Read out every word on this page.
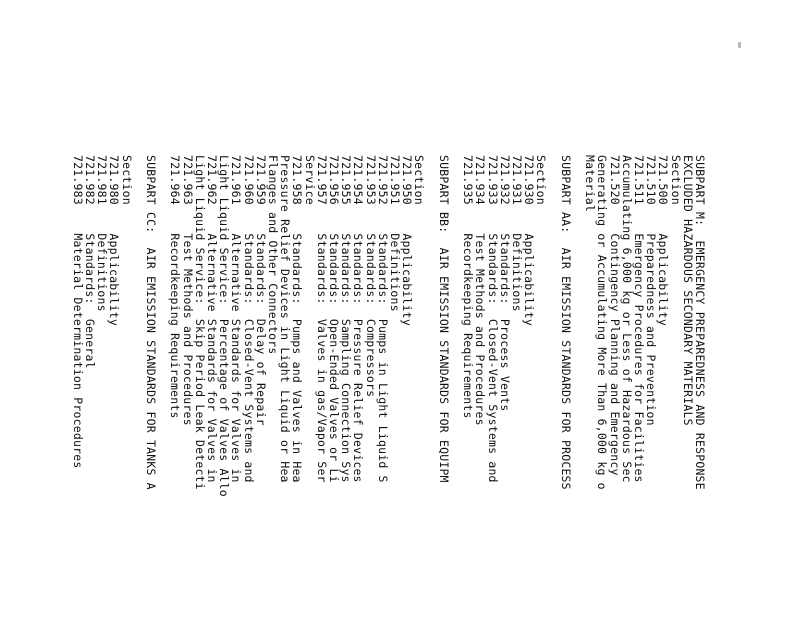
SUBPART M:  EMERGENCY PREPAREDNESS AND RESPONSE
EXCLUDED HAZARDOUS SECONDARY MATERIALS
Section
721.500    Applicability
721.510    Preparedness and Prevention
721.511    Emergency Procedures for Facilities
Accumulating 6,000 kg or Less of Hazardous Sec
721.520    Contingency Planning and Emergency
Generating or Accumulating More Than 6,000 kg o
Material
SUBPART AA:  AIR EMISSION STANDARDS FOR PROCESS
Section
721.930    Applicability
721.931    Definitions
721.932    Standards:  Process Vents
721.933    Standards:  Closed-Vent Systems and
721.934    Test Methods and Procedures
721.935    Recordkeeping Requirements
SUBPART BB:  AIR EMISSION STANDARDS FOR EQUIPM
Section
721.950    Applicability
721.951    Definitions
721.952    Standards:  Pumps in Light Liquid S
721.953    Standards:  Compressors
721.954    Standards:  Pressure Relief Devices
721.955    Standards:  Sampling Connection Sys
721.956    Standards:  Open-Ended Valves or Li
721.957    Standards:  Valves in gas/Vapor Ser
Service
721.958    Standards:  Pumps and Valves in Hea
Pressure Relief Devices in Light Liquid or Hea
Flanges and Other Connectors
721.959    Standards:  Delay of Repair
721.960    Standards:  Closed-Vent Systems and
721.961    Alternative Standards for Valves in
Light Liquid Service:  Percentage of Valves Allo
721.962    Alternative Standards for Valves in
Light Liquid Service:  Skip Period Leak Detecti
721.963    Test Methods and Procedures
721.964    Recordkeeping Requirements
SUBPART CC:  AIR EMISSION STANDARDS FOR TANKS A
Section
721.980    Applicability
721.981    Definitions
721.982    Standards:  General
721.983    Material Determination Procedures
